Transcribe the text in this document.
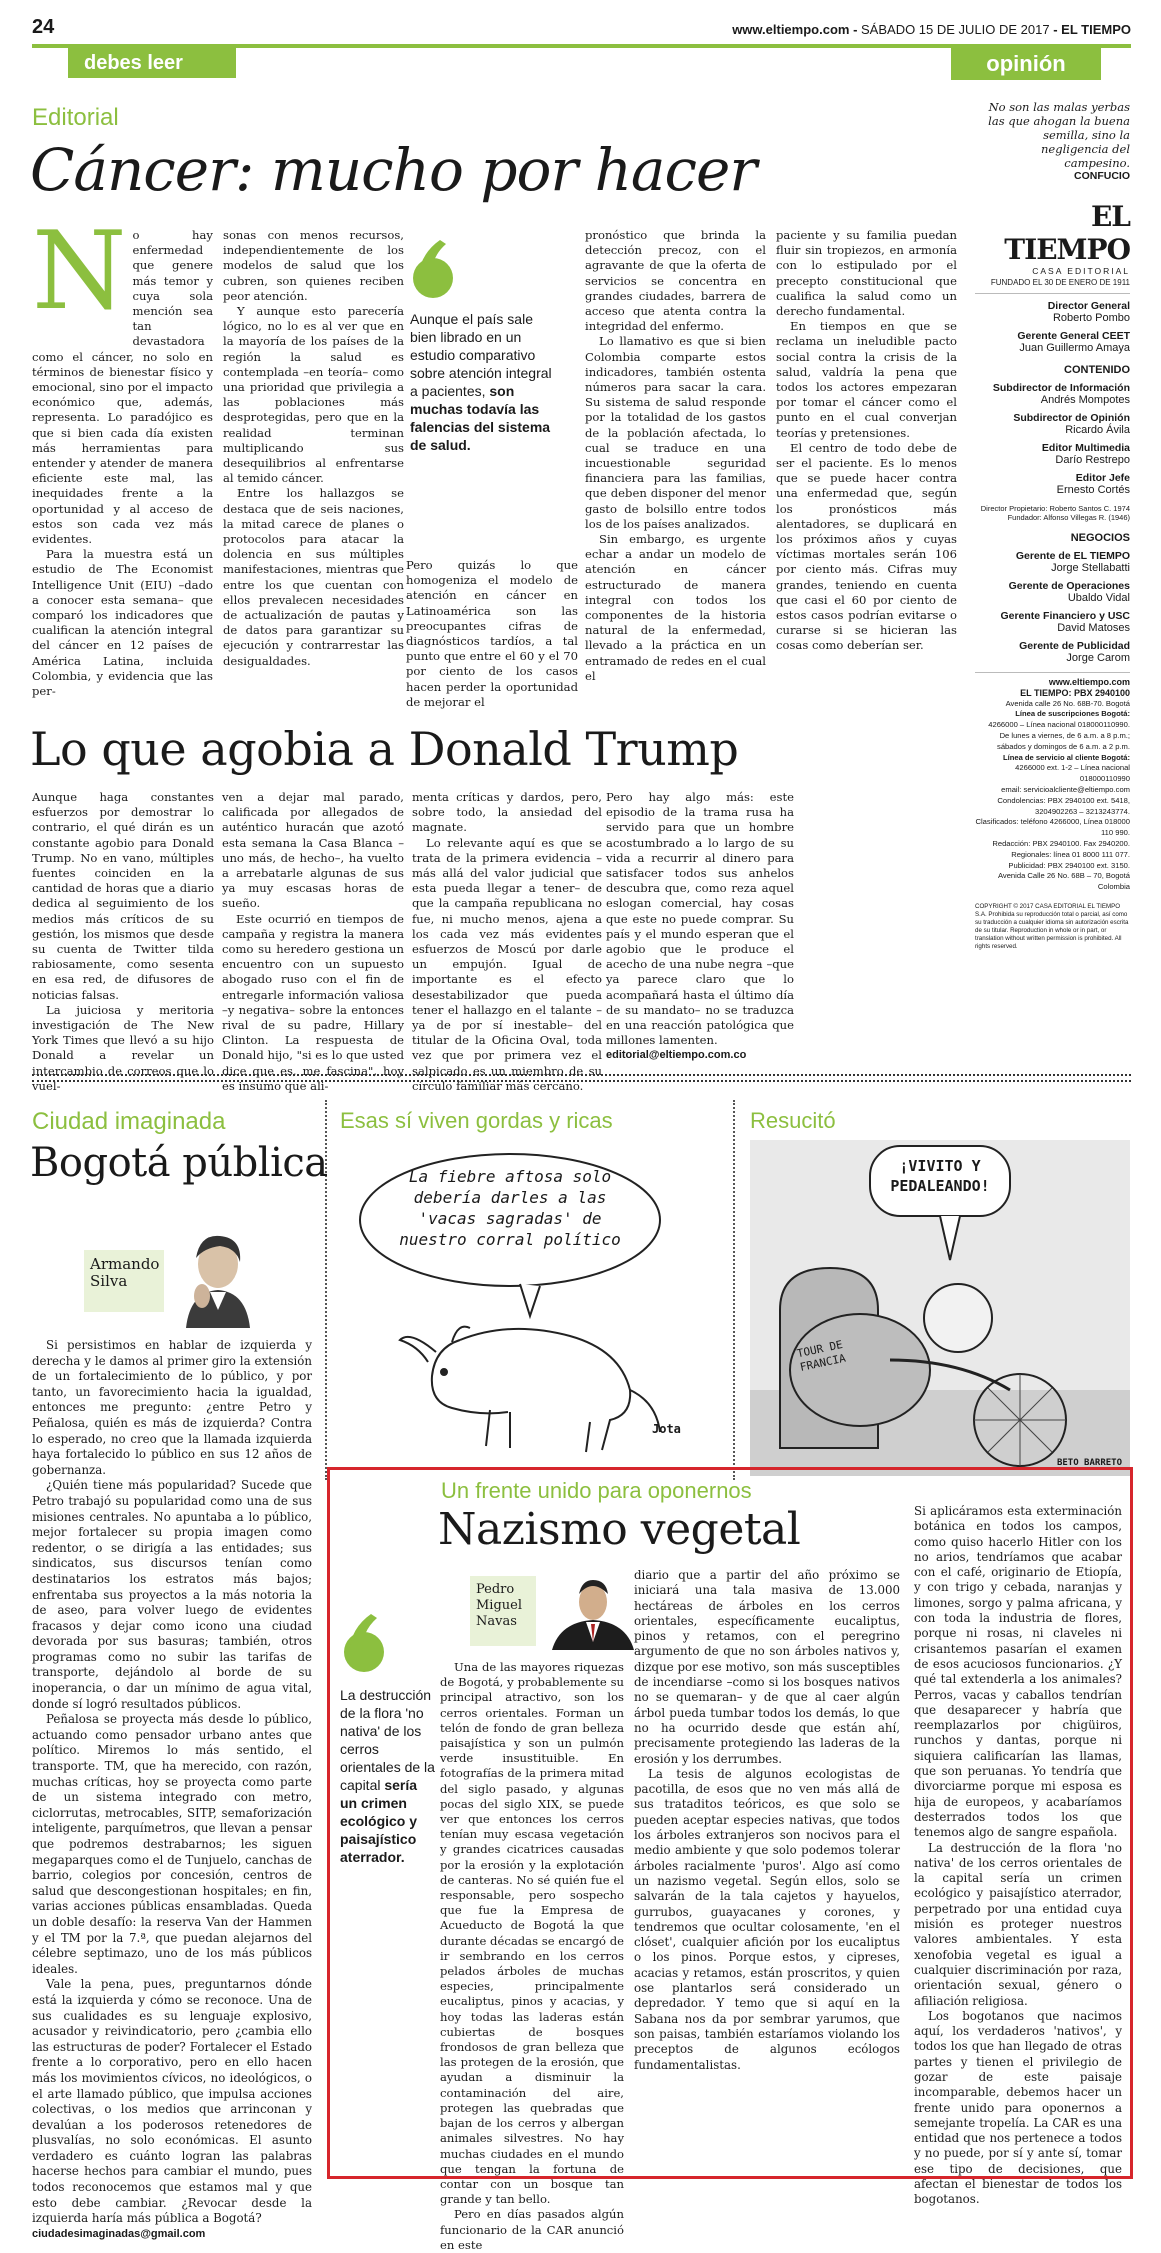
24	www.eltiempo.com - SÁBADO 15 DE JULIO DE 2017 - EL TIEMPO
debes leer	opinión
Editorial
Cáncer: mucho por hacer
N o hay enfermedad que genere más temor y cuya sola mención sea tan devastadora como el cáncer, no solo en términos de bienestar físico y emocional, sino por el impacto económico que, además, representa. Lo paradójico es que si bien cada día existen más herramientas para entender y atender de manera eficiente este mal, las inequidades frente a la oportunidad y al acceso de estos son cada vez más evidentes.

Para la muestra está un estudio de The Economist Intelligence Unit (EIU) –dado a conocer esta semana– que comparó los indicadores que cualifican la atención integral del cáncer en 12 países de América Latina, incluida Colombia, y evidencia que las per-

sonas con menos recursos, independientemente de los modelos de salud que los cubren, son quienes reciben peor atención.

Y aunque esto parecería lógico, no lo es al ver que en la mayoría de los países de la región la salud es contemplada –en teoría– como una prioridad que privilegia a las poblaciones más desprotegidas, pero que en la realidad terminan multiplicando sus desequilibrios al enfrentarse al temido cáncer.

Entre los hallazgos se destaca que de seis naciones, la mitad carece de planes o protocolos para atacar la dolencia en sus múltiples manifestaciones, mientras que entre los que cuentan con ellos prevalecen necesidades de actualización de pautas y de datos para garantizar su ejecución y contrarrestar las desigualdades.

Aunque el país sale bien librado en un estudio comparativo sobre atención integral a pacientes, son muchas todavía las falencias del sistema de salud.

Pero quizás lo que homogeniza el modelo de atención en cáncer en Latinoamérica son las preocupantes cifras de diagnósticos tardíos, a tal punto que entre el 60 y el 70 por ciento de los casos hacen perder la oportunidad de mejorar el

pronóstico que brinda la detección precoz, con el agravante de que la oferta de servicios se concentra en grandes ciudades, barrera de acceso que atenta contra la integridad del enfermo.

Lo llamativo es que si bien Colombia comparte estos indicadores, también ostenta números para sacar la cara. Su sistema de salud responde por la totalidad de los gastos de la población afectada, lo cual se traduce en una incuestionable seguridad financiera para las familias, que deben disponer del menor gasto de bolsillo entre todos los de los países analizados.

Sin embargo, es urgente echar a andar un modelo de atención en cáncer estructurado de manera integral con todos los componentes de la historia natural de la enfermedad, llevado a la práctica en un entramado de redes en el cual el

paciente y su familia puedan fluir sin tropiezos, en armonía con lo estipulado por el precepto constitucional que cualifica la salud como un derecho fundamental.

En tiempos en que se reclama un ineludible pacto social contra la crisis de la salud, valdría la pena que todos los actores empezaran por tomar el cáncer como el punto en el cual converjan teorías y pretensiones.

El centro de todo debe de ser el paciente. Es lo menos que se puede hacer contra una enfermedad que, según los pronósticos más alentadores, se duplicará en los próximos años y cuyas víctimas mortales serán 106 por ciento más. Cifras muy grandes, teniendo en cuenta que casi el 60 por ciento de estos casos podrían evitarse o curarse si se hicieran las cosas como deberían ser.

No son las malas yerbas las que ahogan la buena semilla, sino la negligencia del campesino.
CONFUCIO
EL TIEMPO
CASA EDITORIAL
FUNDADO EL 30 DE ENERO DE 1911
Director General
Roberto Pombo
Gerente General CEET
Juan Guillermo Amaya
CONTENIDO
Subdirector de Información
Andrés Mompotes
Subdirector de Opinión
Ricardo Ávila
Editor Multimedia
Darío Restrepo
Editor Jefe
Ernesto Cortés
Director Propietario: Roberto Santos C. 1974
Fundador: Alfonso Villegas R. (1946)
NEGOCIOS
Gerente de EL TIEMPO
Jorge Stellabatti
Gerente de Operaciones
Ubaldo Vidal
Gerente Financiero y USC
David Matoses
Gerente de Publicidad
Jorge Carom
www.eltiempo.com
EL TIEMPO: PBX 2940100
Avenida calle 26 No. 68B-70. Bogotá
Línea de suscripciones Bogotá:
4266000 – Línea nacional 018000110990.
De lunes a viernes, de 6 a.m. a 8 p.m.; sábados y domingos de 6 a.m. a 2 p.m.
Línea de servicio al cliente Bogotá:
4266000 ext. 1-2 – Línea nacional 018000110990
email: servicioalcliente@eltiempo.com
Condolencias: PBX 2940100 ext. 5418, 3204902263 – 3213243774.
Clasificados: teléfono 4266000, Línea 018000 110 990.
Redacción: PBX 2940100. Fax 2940200.
Regionales: línea 01 8000 111 077.
Publicidad: PBX 2940100 ext. 3150.
Avenida Calle 26 No. 68B – 70, Bogotá Colombia
COPYRIGHT © 2017 CASA EDITORIAL EL TIEMPO S.A. Prohibida su reproducción total o parcial, así como su traducción a cualquier idioma sin autorización escrita de su titular. Reproduction in whole or in part, or translation without written permission is prohibited. All rights reserved.
Lo que agobia a Donald Trump

Aunque haga constantes esfuerzos por demostrar lo contrario, el qué dirán es un constante agobio para Donald Trump. No en vano, múltiples fuentes coinciden en la cantidad de horas que a diario dedica al seguimiento de los medios más críticos de su gestión, los mismos que desde su cuenta de Twitter tilda rabiosamente, como sesenta en esa red, de difusores de noticias falsas.

La juiciosa y meritoria investigación de The New York Times que llevó a su hijo Donald a revelar un intercambio de correos que lo vuel-

ven a dejar mal parado, calificada por allegados de auténtico huracán que azotó esta semana la Casa Blanca –uno más, de hecho–, ha vuelto a arrebatarle algunas de sus ya muy escasas horas de sueño.

Este ocurrió en tiempos de campaña y registra la manera como su heredero gestiona un encuentro con un supuesto abogado ruso con el fin de entregarle información valiosa –y negativa– sobre la entonces rival de su padre, Hillary Clinton. La respuesta de Donald hijo, "si es lo que usted dice que es, me fascina", hoy es insumo que ali-

menta críticas y dardos, pero, sobre todo, la ansiedad del magnate.

Lo relevante aquí es que se trata de la primera evidencia –más allá del valor judicial que esta pueda llegar a tener– de que la campaña republicana no fue, ni mucho menos, ajena a los cada vez más evidentes esfuerzos de Moscú por darle un empujón. Igual de importante es el efecto desestabilizador que pueda tener el hallazgo en el talante –ya de por sí inestable– del titular de la Oficina Oval, toda vez que por primera vez el salpicado es un miembro de su círculo familiar más cercano.

Pero hay algo más: este episodio de la trama rusa ha servido para que un hombre acostumbrado a lo largo de su vida a recurrir al dinero para satisfacer todos sus anhelos descubra que, como reza aquel eslogan comercial, hay cosas que este no puede comprar. Su país y el mundo esperan que el agobio que le produce el acecho de una nube negra –que ya parece claro que lo acompañará hasta el último día de su mandato– no se traduzca en una reacción patológica que millones lamenten.

editorial@eltiempo.com.co
Ciudad imaginada
Bogotá pública
Armando Silva

Si persistimos en hablar de izquierda y derecha y le damos al primer giro la extensión de un fortalecimiento de lo público, y por tanto, un favorecimiento hacia la igualdad, entonces me pregunto: ¿entre Petro y Peñalosa, quién es más de izquierda? Contra lo esperado, no creo que la llamada izquierda haya fortalecido lo público en sus 12 años de gobernanza.

¿Quién tiene más popularidad? Sucede que Petro trabajó su popularidad como una de sus misiones centrales. No apuntaba a lo público, mejor fortalecer su propia imagen como redentor, o se dirigía a las entidades; sus sindicatos, sus discursos tenían como destinatarios los estratos más bajos; enfrentaba sus proyectos a la más notoria la de aseo, para volver luego de evidentes fracasos y dejar como icono una ciudad devorada por sus basuras; también, otros programas como no subir las tarifas de transporte, dejándolo al borde de su inoperancia, o dar un mínimo de agua vital, donde sí logró resultados públicos.

Peñalosa se proyecta más desde lo público, actuando como pensador urbano antes que político. Miremos lo más sentido, el transporte. TM, que ha merecido, con razón, muchas críticas, hoy se proyecta como parte de un sistema integrado con metro, ciclorrutas, metrocables, SITP, semaforización inteligente, parquímetros, que llevan a pensar que podremos destrabarnos; les siguen megaparques como el de Tunjuelo, canchas de barrio, colegios por concesión, centros de salud que descongestionan hospitales; en fin, varias acciones públicas ensambladas. Queda un doble desafío: la reserva Van der Hammen y el TM por la 7.ª, que puedan alejarnos del célebre septimazo, uno de los más públicos ideales.

Vale la pena, pues, preguntarnos dónde está la izquierda y cómo se reconoce. Una de sus cualidades es su lenguaje explosivo, acusador y reivindicatorio, pero ¿cambia ello las estructuras de poder? Fortalecer el Estado frente a lo corporativo, pero en ello hacen más los movimientos cívicos, no ideológicos, o el arte llamado público, que impulsa acciones colectivas, o los medios que arrinconan y devalúan a los poderosos retenedores de plusvalías, no solo económicas. El asunto verdadero es cuánto logran las palabras hacerse hechos para cambiar el mundo, pues todos reconocemos que estamos mal y que esto debe cambiar. ¿Revocar desde la izquierda haría más pública a Bogotá?

ciudadesimaginadas@gmail.com
Esas sí viven gordas y ricas
La fiebre aftosa solo debería darles a las 'vacas sagradas' de nuestro corral político
Jota
Resucitó
¡VIVITO Y PEDALEANDO!
TOUR DE FRANCIA
BETO BARRETO
Un frente unido para oponernos
Nazismo vegetal
Pedro Miguel Navas
La destrucción de la flora 'no nativa' de los cerros orientales de la capital sería un crimen ecológico y paisajístico aterrador.

Una de las mayores riquezas de Bogotá, y probablemente su principal atractivo, son los cerros orientales. Forman un telón de fondo de gran belleza paisajística y son un pulmón verde insustituible. En fotografías de la primera mitad del siglo pasado, y algunas pocas del siglo XIX, se puede ver que entonces los cerros tenían muy escasa vegetación y grandes cicatrices causadas por la erosión y la explotación de canteras. No sé quién fue el responsable, pero sospecho que fue la Empresa de Acueducto de Bogotá la que durante décadas se encargó de ir sembrando en los cerros pelados árboles de muchas especies, principalmente eucaliptus, pinos y acacias, y hoy todas las laderas están cubiertas de bosques frondosos de gran belleza que las protegen de la erosión, que ayudan a disminuir la contaminación del aire, protegen las quebradas que bajan de los cerros y albergan animales silvestres. No hay muchas ciudades en el mundo que tengan la fortuna de contar con un bosque tan grande y tan bello.

Pero en días pasados algún funcionario de la CAR anunció en este

diario que a partir del año próximo se iniciará una tala masiva de 13.000 hectáreas de árboles en los cerros orientales, específicamente eucaliptus, pinos y retamos, con el peregrino argumento de que no son árboles nativos y, dizque por ese motivo, son más susceptibles de incendiarse –como si los bosques nativos no se quemaran– y de que al caer algún árbol pueda tumbar todos los demás, lo que no ha ocurrido desde que están ahí, precisamente protegiendo las laderas de la erosión y los derrumbes.

La tesis de algunos ecologistas de pacotilla, de esos que no ven más allá de sus trataditos teóricos, es que solo se pueden aceptar especies nativas, que todos los árboles extranjeros son nocivos para el medio ambiente y que solo podemos tolerar árboles racialmente 'puros'. Algo así como un nazismo vegetal. Según ellos, solo se salvarán de la tala cajetos y hayuelos, gurrubos, guayacanes y corones, y tendremos que ocultar colosamente, 'en el clóset', cualquier afición por los eucaliptus o los pinos. Porque estos, y cipreses, acacias y retamos, están proscritos, y quien ose plantarlos será considerado un depredador. Y temo que si aquí en la Sabana nos da por sembrar yarumos, que son paisas, también estaríamos violando los preceptos de algunos ecólogos fundamentalistas.

Si aplicáramos esta exterminación botánica en todos los campos, como quiso hacerlo Hitler con los no arios, tendríamos que acabar con el café, originario de Etiopía, y con trigo y cebada, naranjas y limones, sorgo y palma africana, y con toda la industria de flores, porque ni rosas, ni claveles ni crisantemos pasarían el examen de esos acuciosos funcionarios. ¿Y qué tal extenderla a los animales? Perros, vacas y caballos tendrían que desaparecer y habría que reemplazarlos por chigüiros, runchos y dantas, porque ni siquiera calificarían las llamas, que son peruanas. Yo tendría que divorciarme porque mi esposa es hija de europeos, y acabaríamos desterrados todos los que tenemos algo de sangre española.

La destrucción de la flora 'no nativa' de los cerros orientales de la capital sería un crimen ecológico y paisajístico aterrador, perpetrado por una entidad cuya misión es proteger nuestros valores ambientales. Y esta xenofobia vegetal es igual a cualquier discriminación por raza, orientación sexual, género o afiliación religiosa.

Los bogotanos que nacimos aquí, los verdaderos 'nativos', y todos los que han llegado de otras partes y tienen el privilegio de gozar de este paisaje incomparable, debemos hacer un frente unido para oponernos a semejante tropelía. La CAR es una entidad que nos pertenece a todos y no puede, por sí y ante sí, tomar ese tipo de decisiones, que afectan el bienestar de todos los bogotanos.
